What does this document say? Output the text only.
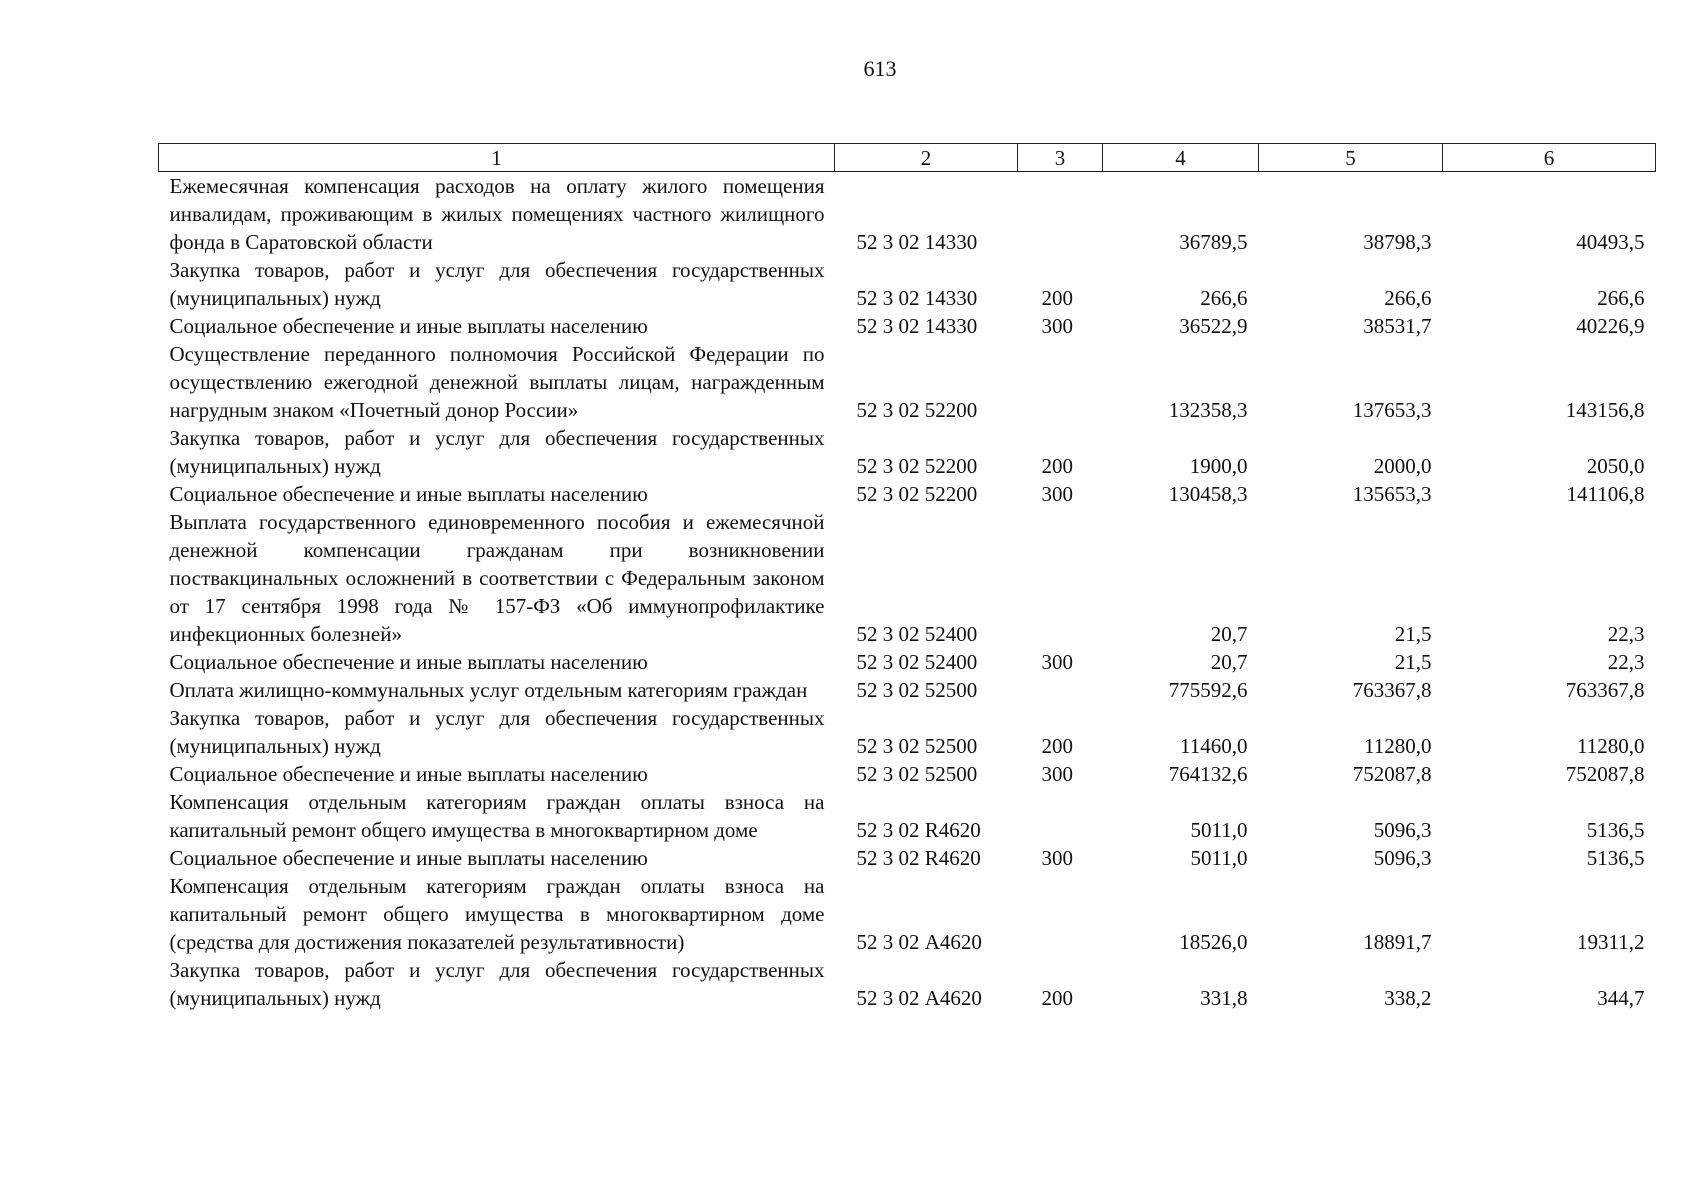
613
1	2	3	4	5	6
Ежемесячная компенсация расходов на оплату жилого помещения инвалидам, проживающим в жилых помещениях частного жилищного фонда в Саратовской области	52 3 02 14330		36789,5	38798,3	40493,5
Закупка товаров, работ и услуг для обеспечения государственных (муниципальных) нужд	52 3 02 14330	200	266,6	266,6	266,6
Социальное обеспечение и иные выплаты населению	52 3 02 14330	300	36522,9	38531,7	40226,9
Осуществление переданного полномочия Российской Федерации по осуществлению ежегодной денежной выплаты лицам, награжденным нагрудным знаком «Почетный донор России»	52 3 02 52200		132358,3	137653,3	143156,8
Закупка товаров, работ и услуг для обеспечения государственных (муниципальных) нужд	52 3 02 52200	200	1900,0	2000,0	2050,0
Социальное обеспечение и иные выплаты населению	52 3 02 52200	300	130458,3	135653,3	141106,8
Выплата государственного единовременного пособия и ежемесячной денежной компенсации гражданам при возникновении поствакцинальных осложнений в соответствии с Федеральным законом от 17 сентября 1998 года № 157-ФЗ «Об иммунопрофилактике инфекционных болезней»	52 3 02 52400		20,7	21,5	22,3
Социальное обеспечение и иные выплаты населению	52 3 02 52400	300	20,7	21,5	22,3
Оплата жилищно-коммунальных услуг отдельным категориям граждан	52 3 02 52500		775592,6	763367,8	763367,8
Закупка товаров, работ и услуг для обеспечения государственных (муниципальных) нужд	52 3 02 52500	200	11460,0	11280,0	11280,0
Социальное обеспечение и иные выплаты населению	52 3 02 52500	300	764132,6	752087,8	752087,8
Компенсация отдельным категориям граждан оплаты взноса на капитальный ремонт общего имущества в многоквартирном доме	52 3 02 R4620		5011,0	5096,3	5136,5
Социальное обеспечение и иные выплаты населению	52 3 02 R4620	300	5011,0	5096,3	5136,5
Компенсация отдельным категориям граждан оплаты взноса на капитальный ремонт общего имущества в многоквартирном доме (средства для достижения показателей результативности)	52 3 02 А4620		18526,0	18891,7	19311,2
Закупка товаров, работ и услуг для обеспечения государственных (муниципальных) нужд	52 3 02 А4620	200	331,8	338,2	344,7
